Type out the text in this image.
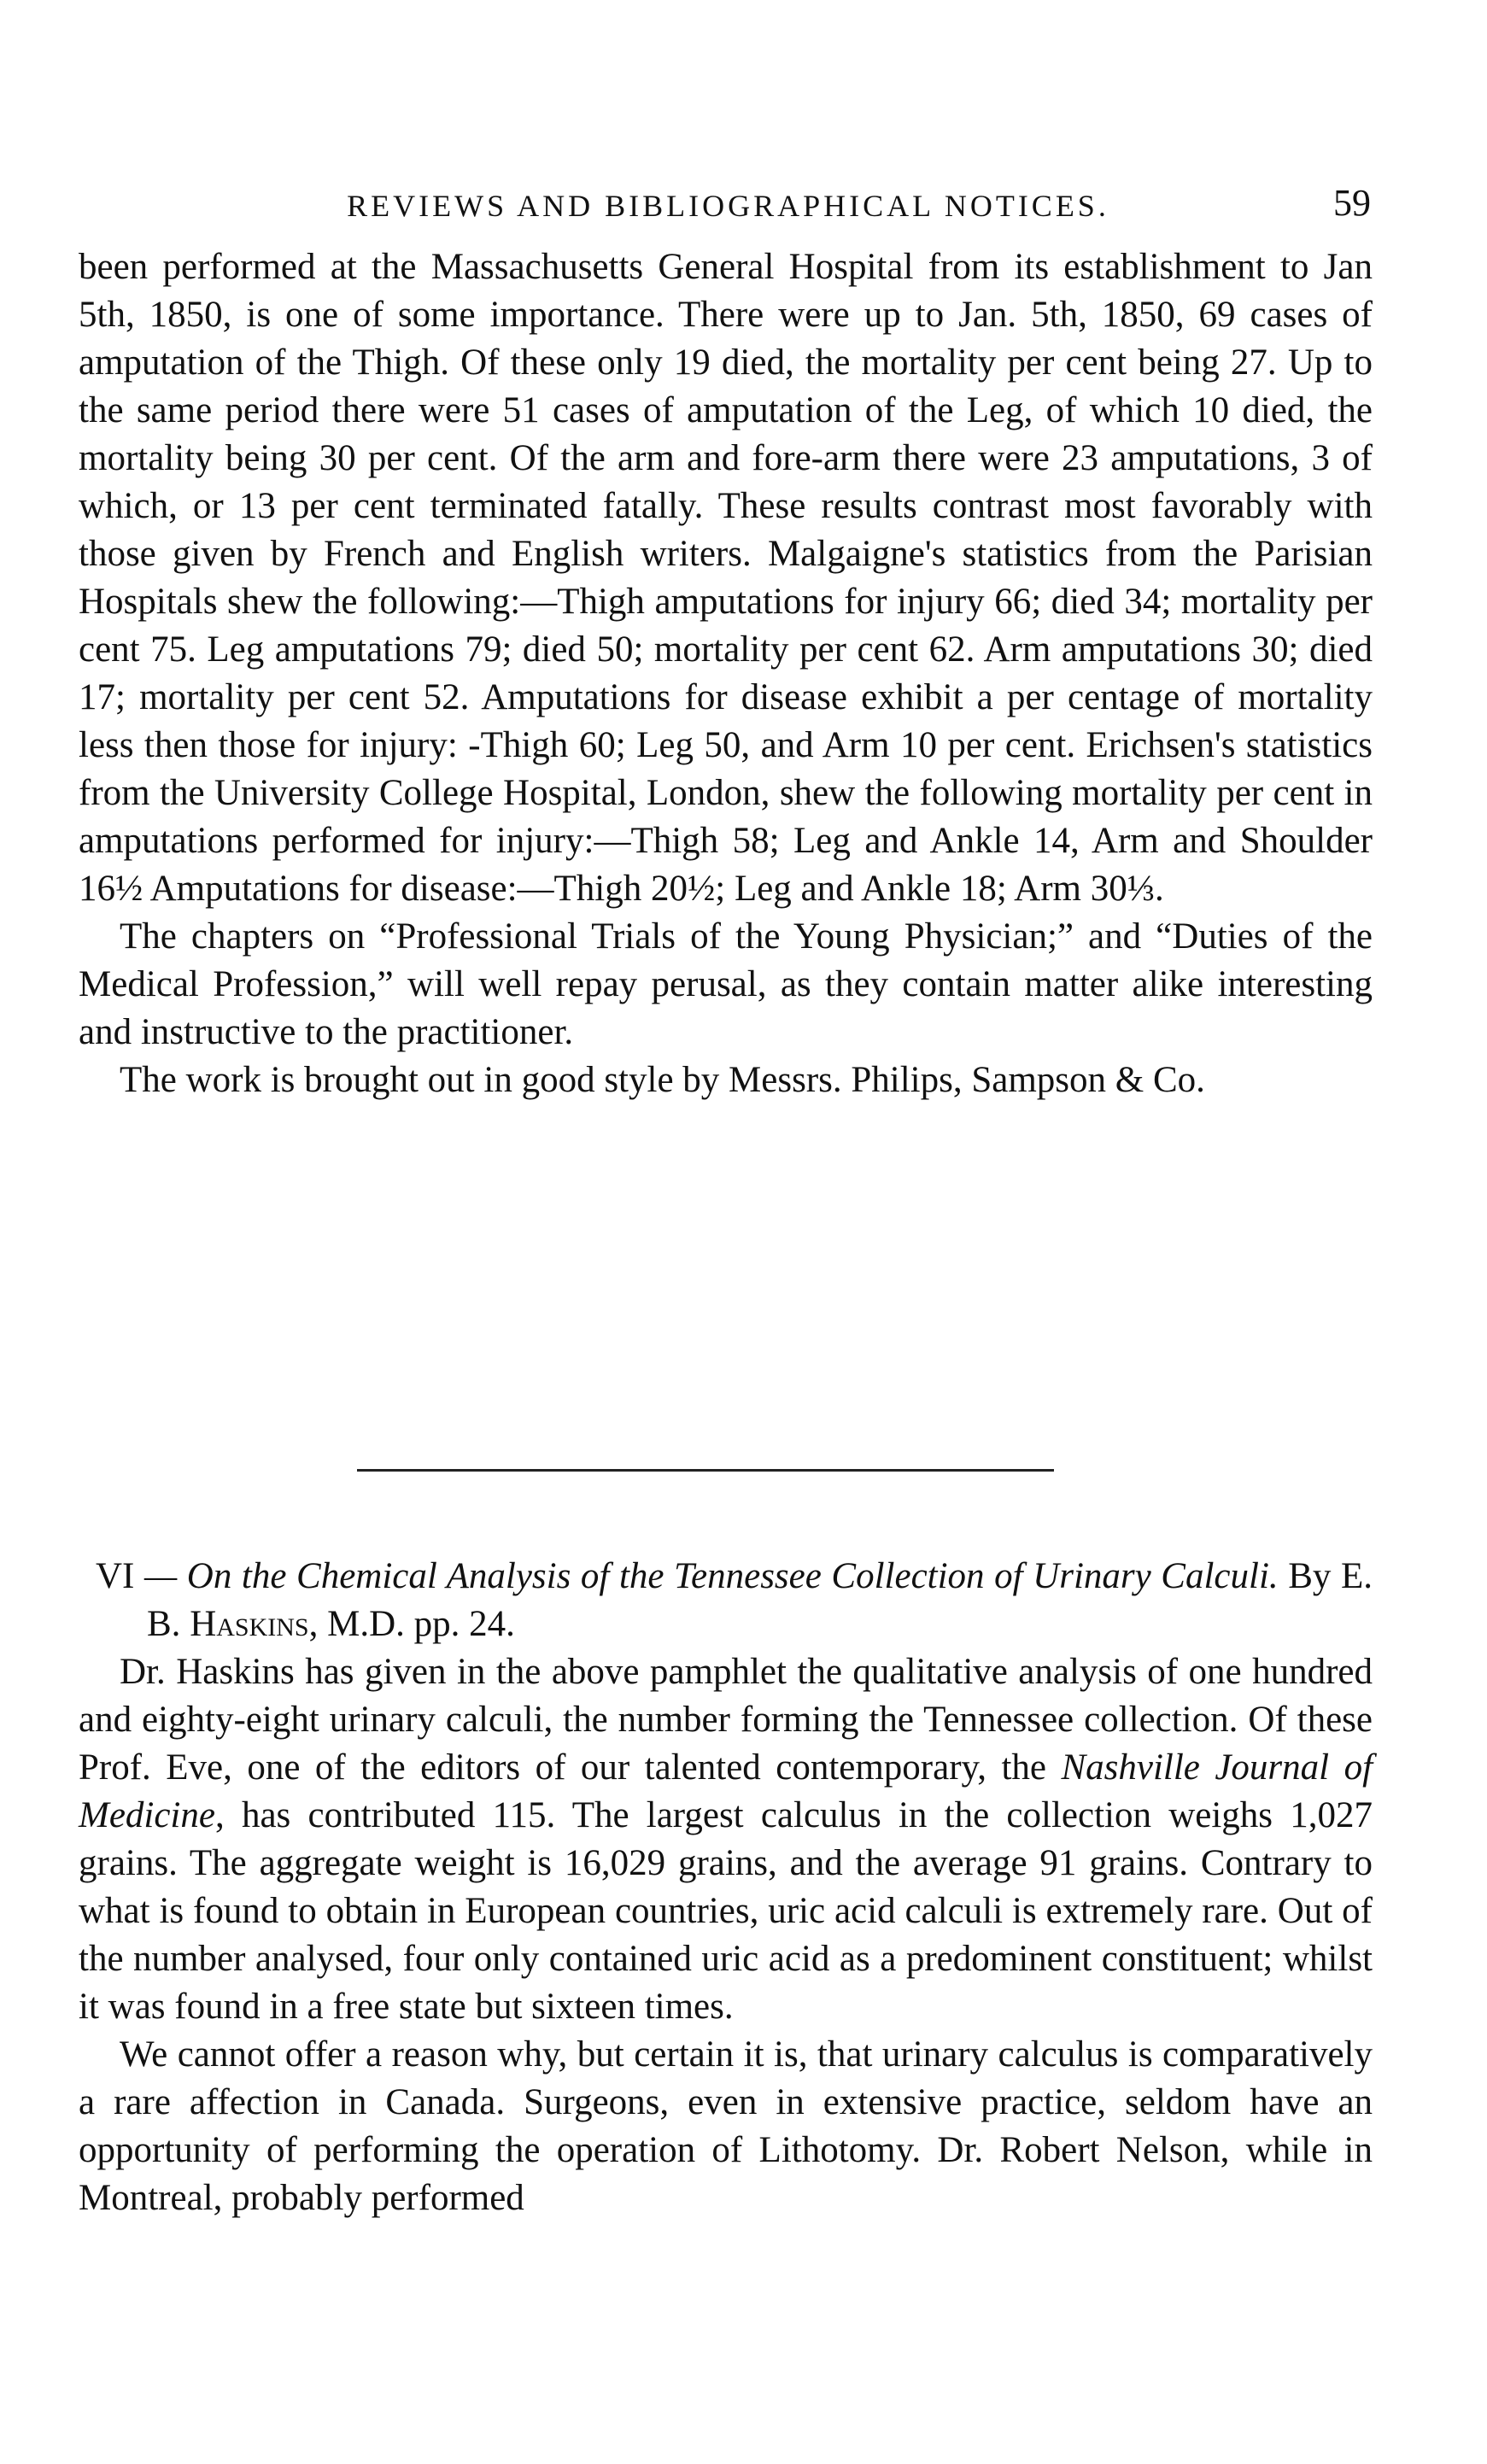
REVIEWS AND BIBLIOGRAPHICAL NOTICES.	59

been performed at the Massachusetts General Hospital from its establishment to Jan 5th, 1850, is one of some importance. There were up to Jan. 5th, 1850, 69 cases of amputation of the Thigh. Of these only 19 died, the mortality per cent being 27. Up to the same period there were 51 cases of amputation of the Leg, of which 10 died, the mortality being 30 per cent. Of the arm and fore-arm there were 23 amputations, 3 of which, or 13 per cent terminated fatally. These results contrast most favorably with those given by French and English writers. Malgaigne's statistics from the Parisian Hospitals shew the following:—Thigh amputations for injury 66; died 34; mortality per cent 75. Leg amputations 79; died 50; mortality per cent 62. Arm amputations 30; died 17; mortality per cent 52. Amputations for disease exhibit a per centage of mortality less then those for injury: -Thigh 60; Leg 50, and Arm 10 per cent. Erichsen's statistics from the University College Hospital, London, shew the following mortality per cent in amputations performed for injury:—Thigh 58; Leg and Ankle 14, Arm and Shoulder 16½ Amputations for disease:—Thigh 20½; Leg and Ankle 18; Arm 30⅓.

The chapters on “Professional Trials of the Young Physician;” and “Duties of the Medical Profession,” will well repay perusal, as they contain matter alike interesting and instructive to the practitioner.

The work is brought out in good style by Messrs. Philips, Sampson & Co.

VI — On the Chemical Analysis of the Tennessee Collection of Urinary Calculi. By E. B. Haskins, M.D. pp. 24.

Dr. Haskins has given in the above pamphlet the qualitative analysis of one hundred and eighty-eight urinary calculi, the number forming the Tennessee collection. Of these Prof. Eve, one of the editors of our talented contemporary, the Nashville Journal of Medicine, has contributed 115. The largest calculus in the collection weighs 1,027 grains. The aggregate weight is 16,029 grains, and the average 91 grains. Contrary to what is found to obtain in European countries, uric acid calculi is extremely rare. Out of the number analysed, four only contained uric acid as a predominent constituent; whilst it was found in a free state but sixteen times.

We cannot offer a reason why, but certain it is, that urinary calculus is comparatively a rare affection in Canada. Surgeons, even in extensive practice, seldom have an opportunity of performing the operation of Lithotomy. Dr. Robert Nelson, while in Montreal, probably performed
